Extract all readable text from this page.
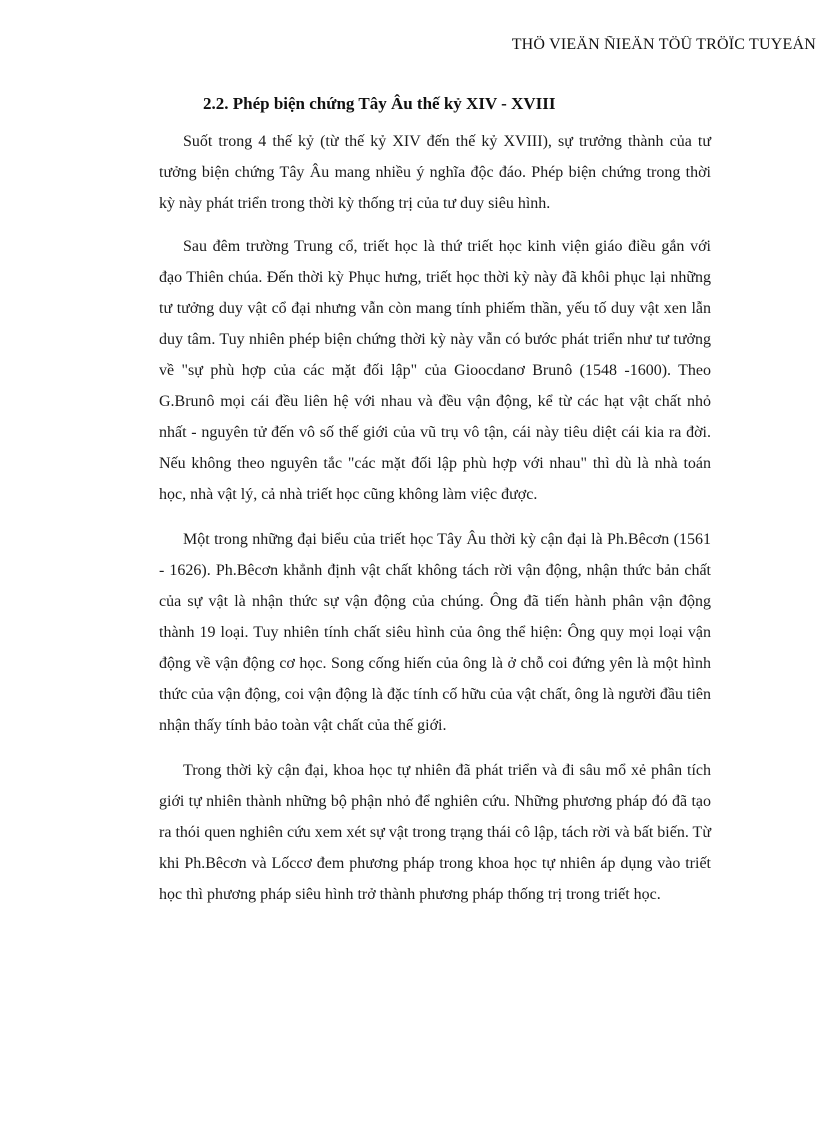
THÖ VIEÄN ÑIEÄN TÖÛ TRÖÏC TUYEÁN
2.2. Phép biện chứng Tây Âu thế kỷ XIV - XVIII

Suốt trong 4 thế kỷ (từ thế kỷ XIV đến thế kỷ XVIII), sự trưởng thành của tư tưởng biện chứng Tây Âu mang nhiều ý nghĩa độc đáo. Phép biện chứng trong thời kỳ này phát triển trong thời kỳ thống trị của tư duy siêu hình.

Sau đêm trường Trung cổ, triết học là thứ triết học kinh viện giáo điều gắn với đạo Thiên chúa. Đến thời kỳ Phục hưng, triết học thời kỳ này đã khôi phục lại những tư tưởng duy vật cổ đại nhưng vẫn còn mang tính phiếm thần, yếu tố duy vật xen lẫn duy tâm. Tuy nhiên phép biện chứng thời kỳ này vẫn có bước phát triển như tư tưởng về "sự phù hợp của các mặt đối lập" của Gioocdanơ Brunô (1548 -1600). Theo G.Brunô mọi cái đều liên hệ với nhau và đều vận động, kể từ các hạt vật chất nhỏ nhất - nguyên tử đến vô số thế giới của vũ trụ vô tận, cái này tiêu diệt cái kia ra đời. Nếu không theo nguyên tắc "các mặt đối lập phù hợp với nhau" thì dù là nhà toán học, nhà vật lý, cả nhà triết học cũng không làm việc được.

Một trong những đại biểu của triết học Tây Âu thời kỳ cận đại là Ph.Bêcơn (1561 - 1626). Ph.Bêcơn khẳnh định vật chất không tách rời vận động, nhận thức bản chất của sự vật là nhận thức sự vận động của chúng. Ông đã tiến hành phân vận động thành 19 loại. Tuy nhiên tính chất siêu hình của ông thể hiện: Ông quy mọi loại vận động về vận động cơ học. Song cống hiến của ông là ở chỗ coi đứng yên là một hình thức của vận động, coi vận động là đặc tính cố hữu của vật chất, ông là người đầu tiên nhận thấy tính bảo toàn vật chất của thế giới.

Trong thời kỳ cận đại, khoa học tự nhiên đã phát triển và đi sâu mổ xẻ phân tích giới tự nhiên thành những bộ phận nhỏ để nghiên cứu. Những phương pháp đó đã tạo ra thói quen nghiên cứu xem xét sự vật trong trạng thái cô lập, tách rời và bất biến. Từ khi Ph.Bêcơn và Lốccơ đem phương pháp trong khoa học tự nhiên áp dụng vào triết học thì phương pháp siêu hình trở thành phương pháp thống trị trong triết học.
